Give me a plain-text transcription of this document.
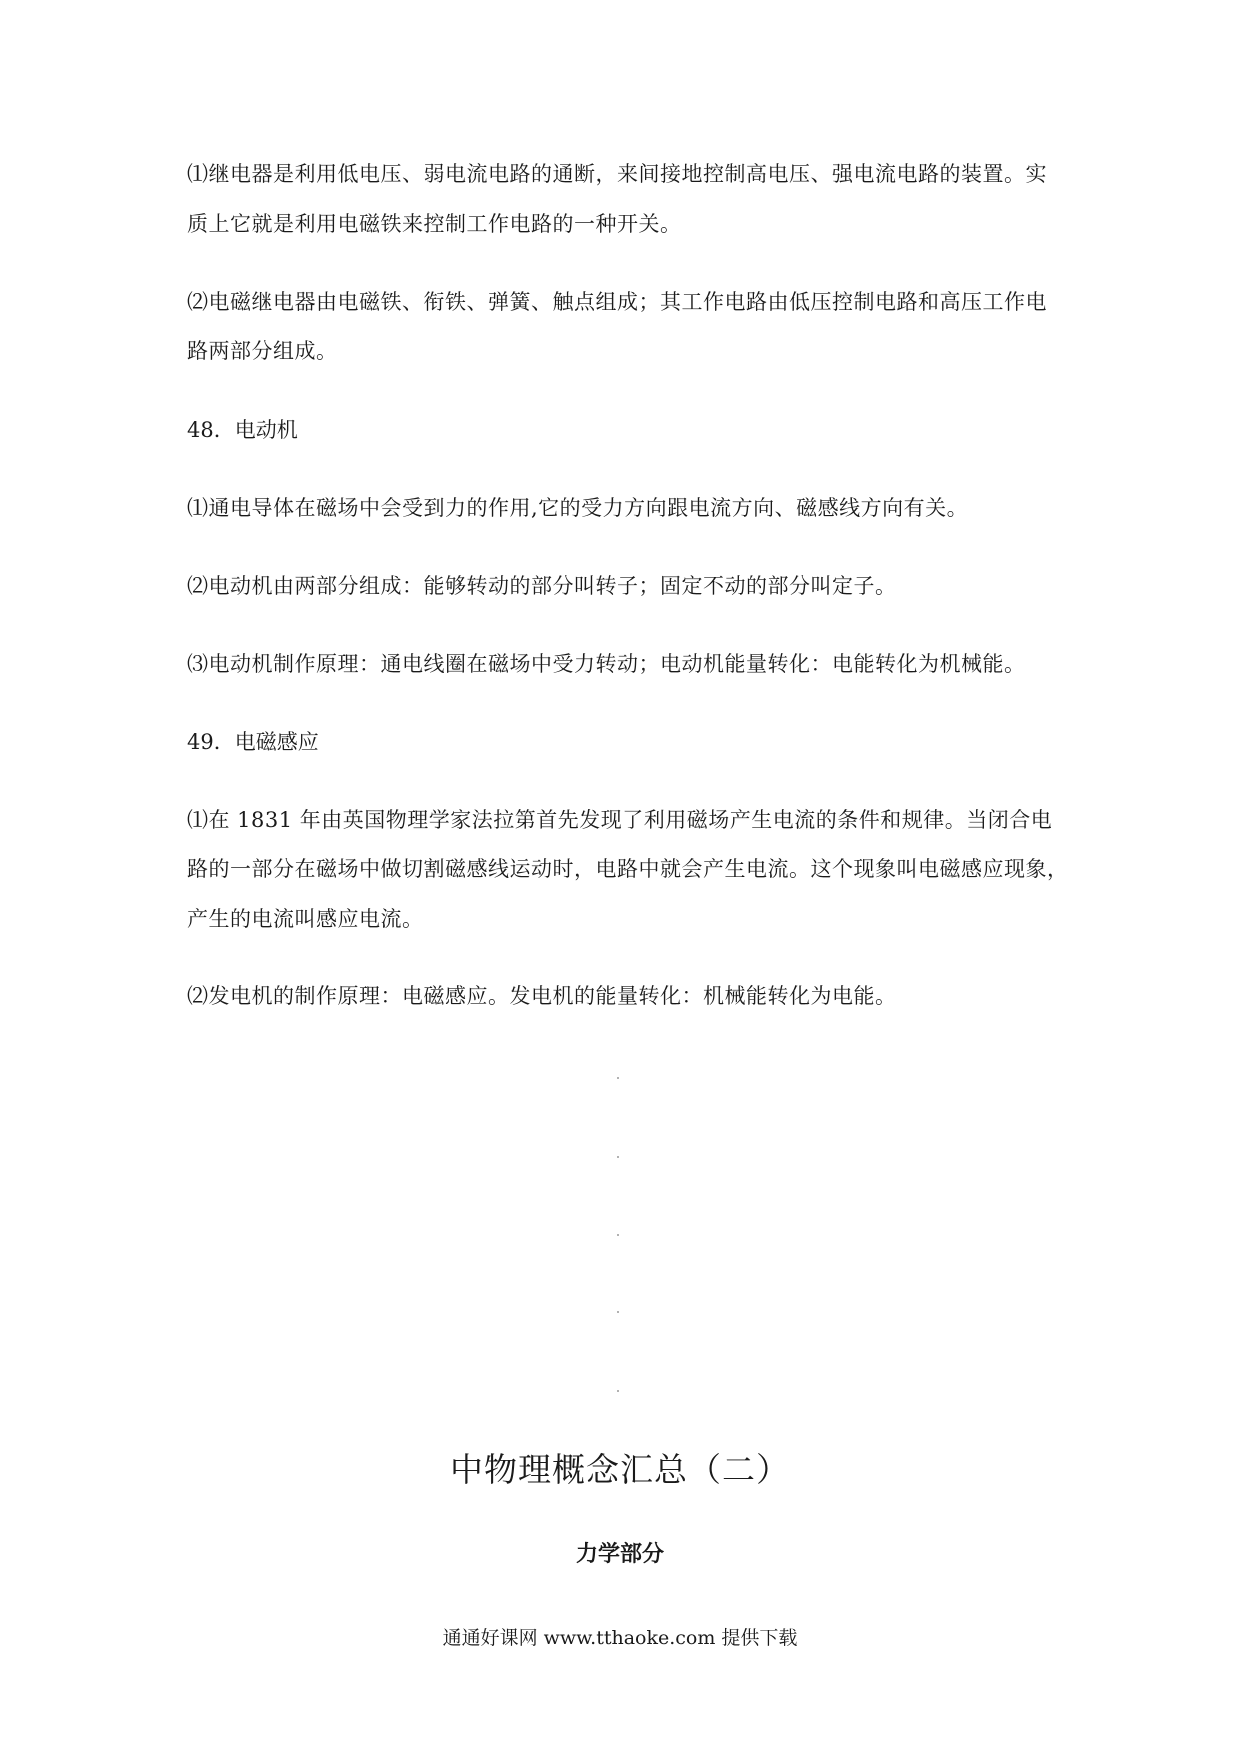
⑴继电器是利用低电压、弱电流电路的通断，来间接地控制高电压、强电流电路的装置。实
质上它就是利用电磁铁来控制工作电路的一种开关。
⑵电磁继电器由电磁铁、衔铁、弹簧、触点组成；其工作电路由低压控制电路和高压工作电
路两部分组成。
48．电动机
⑴通电导体在磁场中会受到力的作用,它的受力方向跟电流方向、磁感线方向有关。
⑵电动机由两部分组成：能够转动的部分叫转子；固定不动的部分叫定子。
⑶电动机制作原理：通电线圈在磁场中受力转动；电动机能量转化：电能转化为机械能。
49．电磁感应
⑴在 1831 年由英国物理学家法拉第首先发现了利用磁场产生电流的条件和规律。当闭合电
路的一部分在磁场中做切割磁感线运动时，电路中就会产生电流。这个现象叫电磁感应现象，
产生的电流叫感应电流。
⑵发电机的制作原理：电磁感应。发电机的能量转化：机械能转化为电能。
中物理概念汇总（二）
力学部分
通通好课网 www.tthaoke.com 提供下载
